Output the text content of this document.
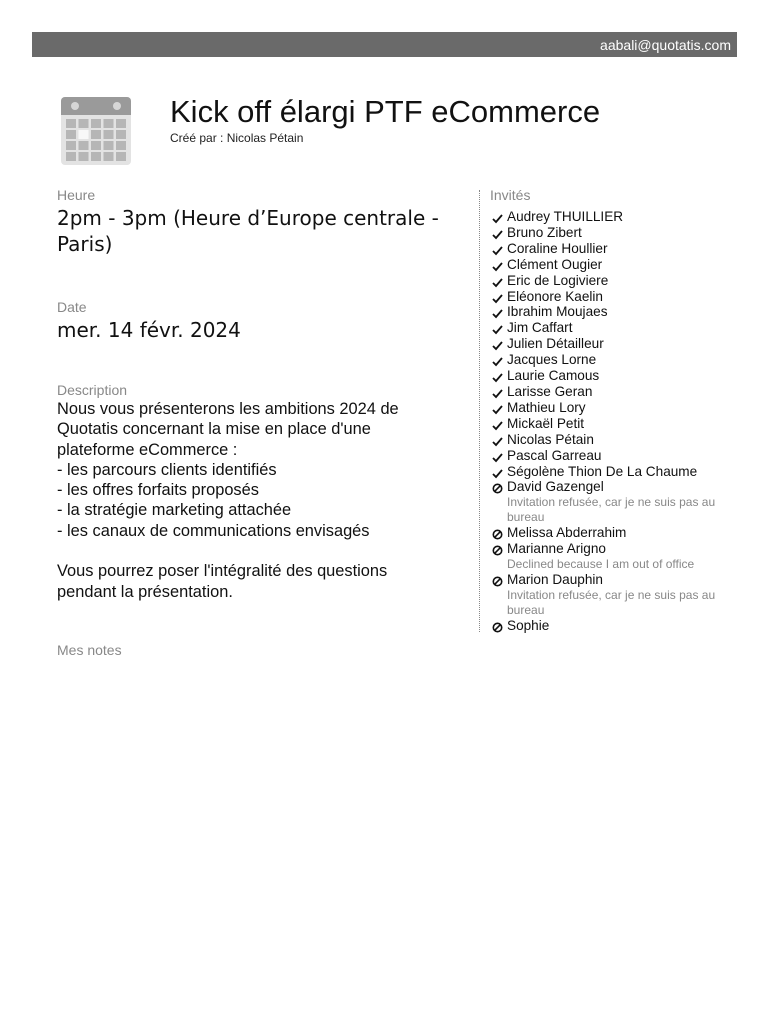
aabali@quotatis.com
Kick off élargi PTF eCommerce
Créé par : Nicolas Pétain
Heure
2pm - 3pm (Heure d’Europe centrale - Paris)
Date
mer. 14 févr. 2024
Description
Nous vous présenterons les ambitions 2024 de
Quotatis concernant la mise en place d'une
plateforme eCommerce :
- les parcours clients identifiés
- les offres forfaits proposés
- la stratégie marketing attachée
- les canaux de communications envisagés
Vous pourrez poser l'intégralité des questions
pendant la présentation.
Mes notes
Invités
Audrey THUILLIER
Bruno Zibert
Coraline Houllier
Clément Ougier
Eric de Logiviere
Eléonore Kaelin
Ibrahim Moujaes
Jim Caffart
Julien Détailleur
Jacques Lorne
Laurie Camous
Larisse Geran
Mathieu Lory
Mickaël Petit
Nicolas Pétain
Pascal Garreau
Ségolène Thion De La Chaume
David Gazengel
Invitation refusée, car je ne suis pas au bureau
Melissa Abderrahim
Marianne Arigno
Declined because I am out of office
Marion Dauphin
Invitation refusée, car je ne suis pas au bureau
Sophie
